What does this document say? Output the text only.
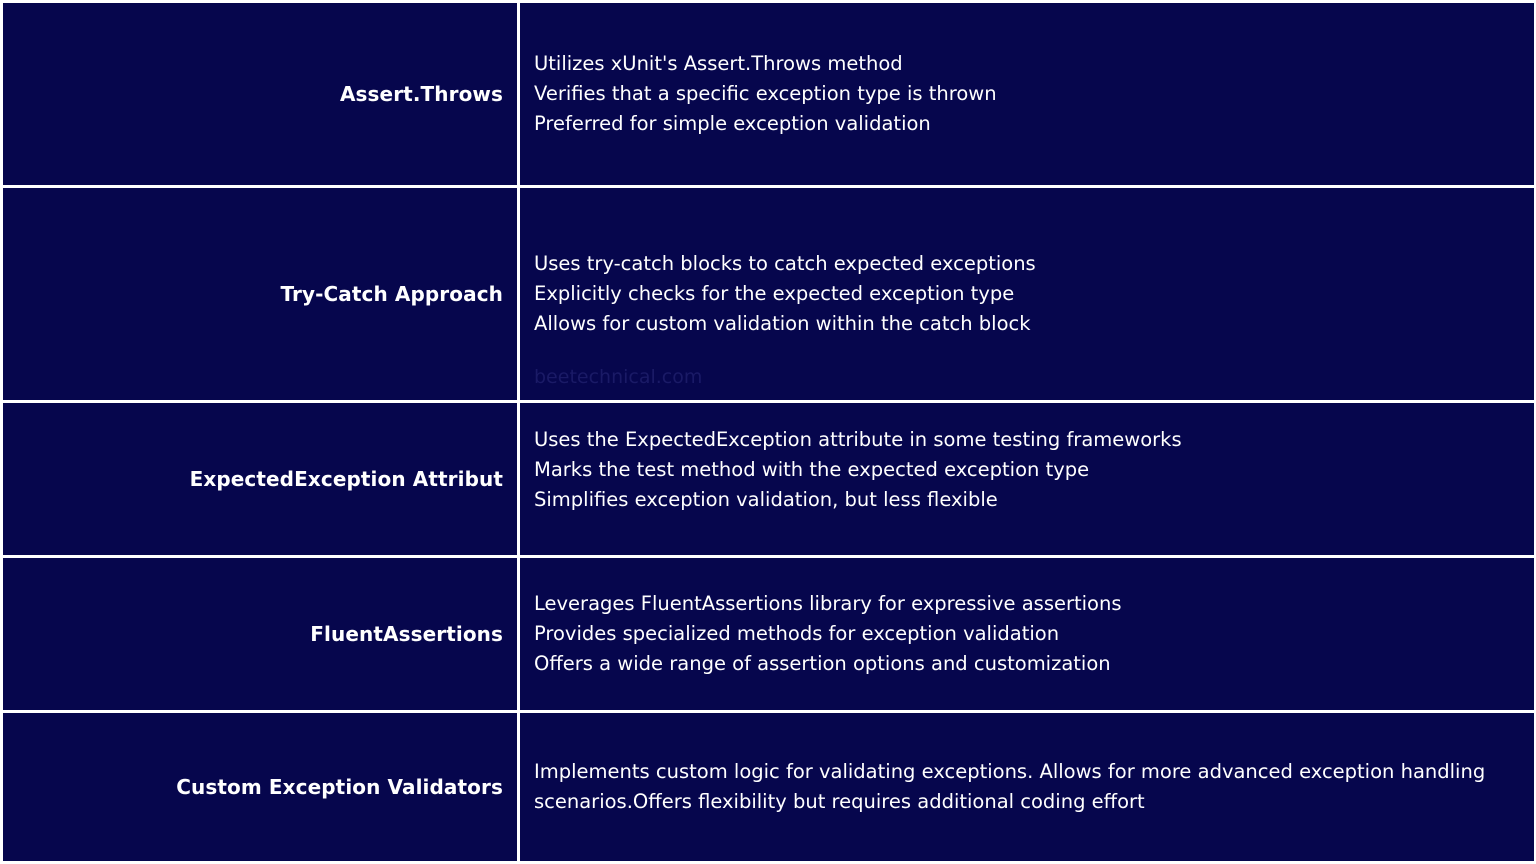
Assert.Throws
Utilizes xUnit's Assert.Throws method
Verifies that a specific exception type is thrown
Preferred for simple exception validation
Try-Catch Approach
Uses try-catch blocks to catch expected exceptions
Explicitly checks for the expected exception type
Allows for custom validation within the catch block
beetechnical.com
ExpectedException Attribut
Uses the ExpectedException attribute in some testing frameworks
Marks the test method with the expected exception type
Simplifies exception validation, but less flexible
FluentAssertions
Leverages FluentAssertions library for expressive assertions
Provides specialized methods for exception validation
Offers a wide range of assertion options and customization
Custom Exception Validators
Implements custom logic for validating exceptions. Allows for more advanced exception handling scenarios.Offers flexibility but requires additional coding effort
